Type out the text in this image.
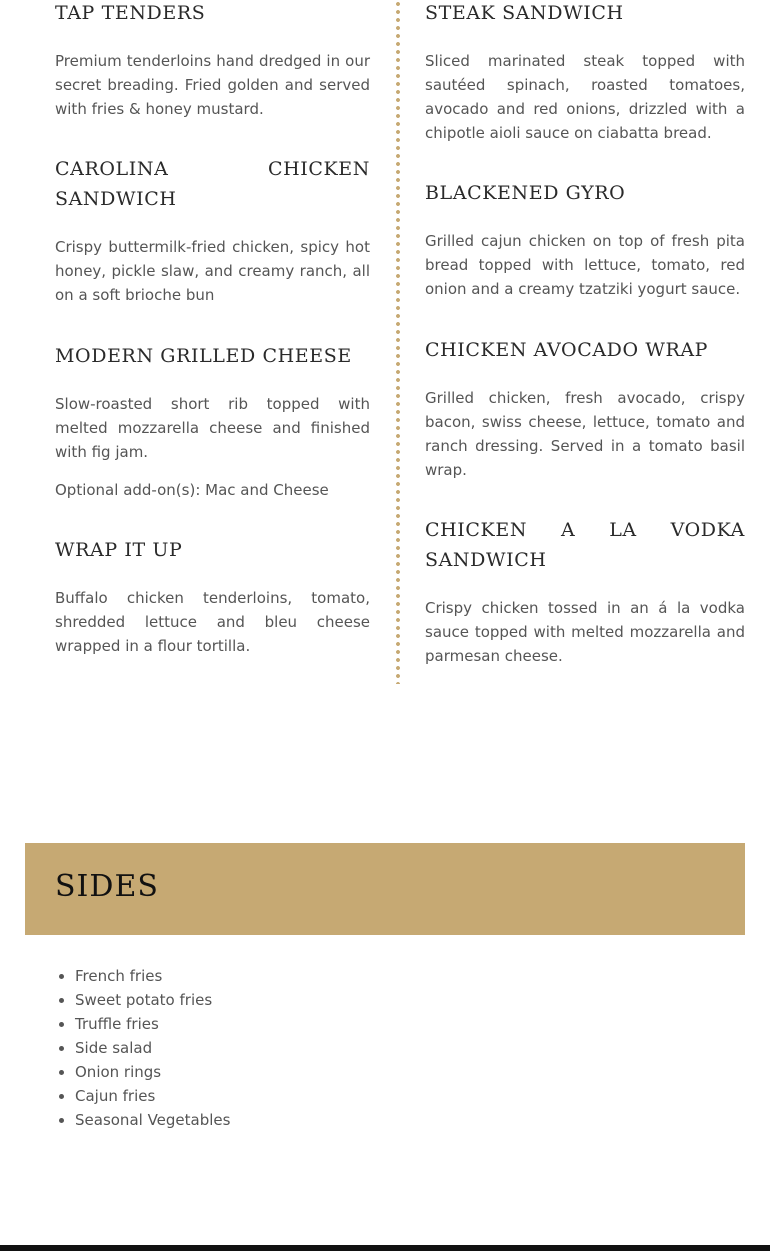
TAP TENDERS

Premium tenderloins hand dredged in our secret breading. Fried golden and served with fries & honey mustard.

CAROLINA CHICKEN SANDWICH

Crispy buttermilk-fried chicken, spicy hot honey, pickle slaw, and creamy ranch, all on a soft brioche bun

MODERN GRILLED CHEESE

Slow-roasted short rib topped with melted mozzarella cheese and finished with fig jam.

Optional add-on(s): Mac and Cheese

WRAP IT UP

Buffalo chicken tenderloins, tomato, shredded lettuce and bleu cheese wrapped in a flour tortilla.

STEAK SANDWICH

Sliced marinated steak topped with sautéed spinach, roasted tomatoes, avocado and red onions, drizzled with a chipotle aioli sauce on ciabatta bread.

BLACKENED GYRO

Grilled cajun chicken on top of fresh pita bread topped with lettuce, tomato, red onion and a creamy tzatziki yogurt sauce.

CHICKEN AVOCADO WRAP

Grilled chicken, fresh avocado, crispy bacon, swiss cheese, lettuce, tomato and ranch dressing. Served in a tomato basil wrap.

CHICKEN A LA VODKA SANDWICH

Crispy chicken tossed in an á la vodka sauce topped with melted mozzarella and parmesan cheese.

SIDES
• French fries
• Sweet potato fries
• Truffle fries
• Side salad
• Onion rings
• Cajun fries
• Seasonal Vegetables
